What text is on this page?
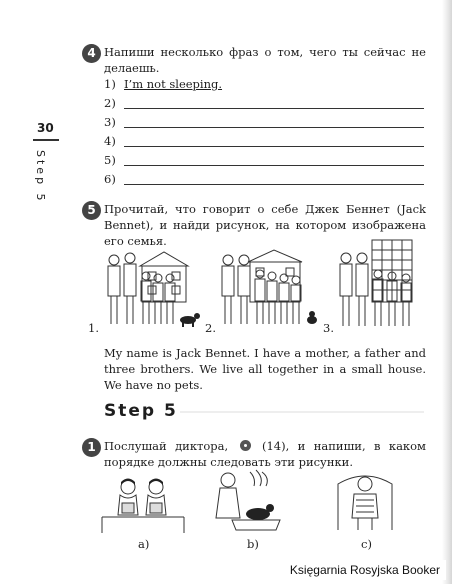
30
Step 5
4 Напиши несколько фраз о том, чего ты сейчас не делаешь.
1) I’m not sleeping.
2)
3)
4)
5)
6)
5 Прочитай, что говорит о себе Джек Беннет (Jack Bennet), и найди рисунок, на котором изображена его семья.
1.	2.	3.
My name is Jack Bennet. I have a mother, a father and three brothers. We live all together in a small house. We have no pets.
Step 5
1 Послушай диктора,	(14), и напиши, в каком порядке должны следовать эти рисунки.
a)	b)	c)
Księgarnia Rosyjska Booker
